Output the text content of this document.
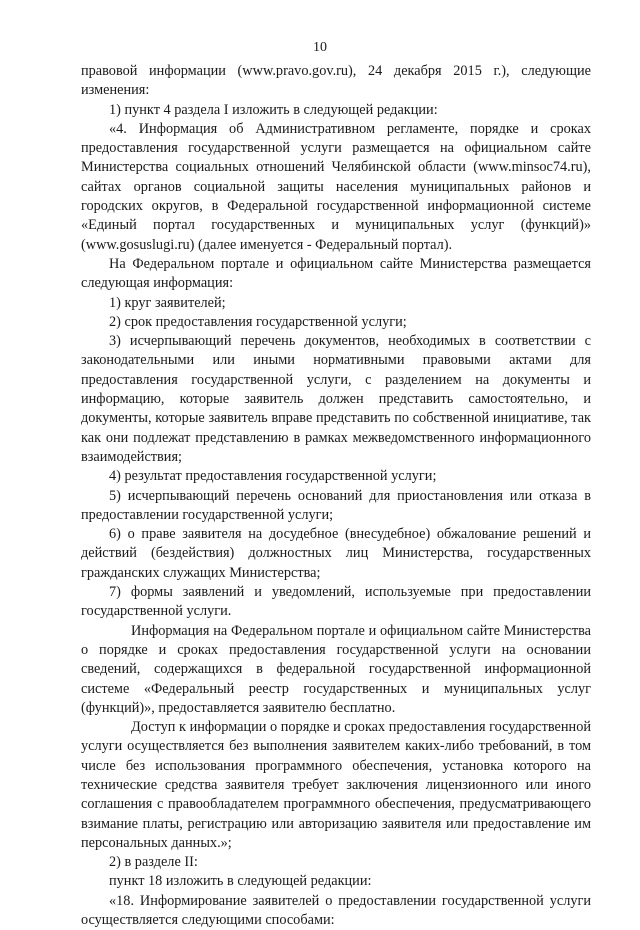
10

правовой информации (www.pravo.gov.ru), 24 декабря 2015 г.), следующие изменения:

1) пункт 4 раздела I изложить в следующей редакции:

«4. Информация об Административном регламенте, порядке и сроках предоставления государственной услуги размещается на официальном сайте Министерства социальных отношений Челябинской области (www.minsoc74.ru), сайтах органов социальной защиты населения муниципальных районов и городских округов, в Федеральной государственной информационной системе «Единый портал государственных и муниципальных услуг (функций)» (www.gosuslugi.ru) (далее именуется - Федеральный портал).

На Федеральном портале и официальном сайте Министерства размещается следующая информация:

1) круг заявителей;

2) срок предоставления государственной услуги;

3) исчерпывающий перечень документов, необходимых в соответствии с законодательными или иными нормативными правовыми актами для предоставления государственной услуги, с разделением на документы и информацию, которые заявитель должен представить самостоятельно, и документы, которые заявитель вправе представить по собственной инициативе, так как они подлежат представлению в рамках межведомственного информационного взаимодействия;

4) результат предоставления государственной услуги;

5) исчерпывающий перечень оснований для приостановления или отказа в предоставлении государственной услуги;

6) о праве заявителя на досудебное (внесудебное) обжалование решений и действий (бездействия) должностных лиц Министерства, государственных гражданских служащих Министерства;

7) формы заявлений и уведомлений, используемые при предоставлении государственной услуги.

Информация на Федеральном портале и официальном сайте Министерства о порядке и сроках предоставления государственной услуги на основании сведений, содержащихся в федеральной государственной информационной системе «Федеральный реестр государственных и муниципальных услуг (функций)», предоставляется заявителю бесплатно.

Доступ к информации о порядке и сроках предоставления государственной услуги осуществляется без выполнения заявителем каких-либо требований, в том числе без использования программного обеспечения, установка которого на технические средства заявителя требует заключения лицензионного или иного соглашения с правообладателем программного обеспечения, предусматривающего взимание платы, регистрацию или авторизацию заявителя или предоставление им персональных данных.»;

2) в разделе II:

пункт 18 изложить в следующей редакции:

«18. Информирование заявителей о предоставлении государственной услуги осуществляется следующими способами:
